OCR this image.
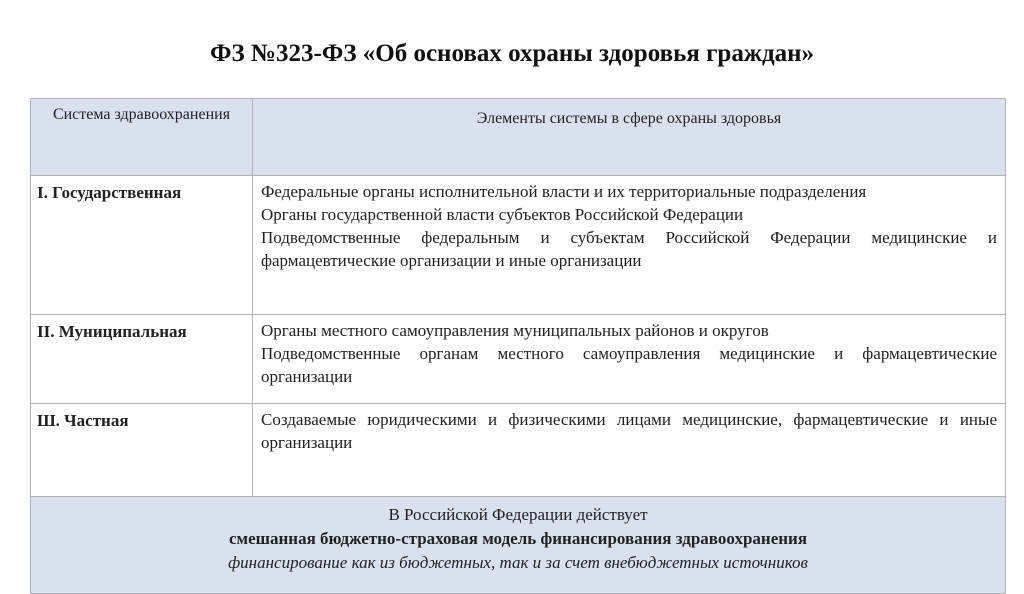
ФЗ №323-ФЗ «Об основах охраны здоровья граждан»
Система здравоохранения	Элементы системы в сфере охраны здоровья
I. Государственная	Федеральные органы исполнительной власти и их территориальные подразделения

Органы государственной власти субъектов Российской Федерации

Подведомственные федеральным и субъектам Российской Федерации медицинские и фармацевтические организации и иные организации

II. Муниципальная	Органы местного самоуправления муниципальных районов и округов

Подведомственные органам местного самоуправления медицинские и фармацевтические организации

Ш. Частная	Создаваемые юридическими и физическими лицами медицинские, фармацевтические и иные организации

В Российской Федерации действует
смешанная бюджетно-страховая модель финансирования здравоохранения
финансирование как из бюджетных, так и за счет внебюджетных источников	
